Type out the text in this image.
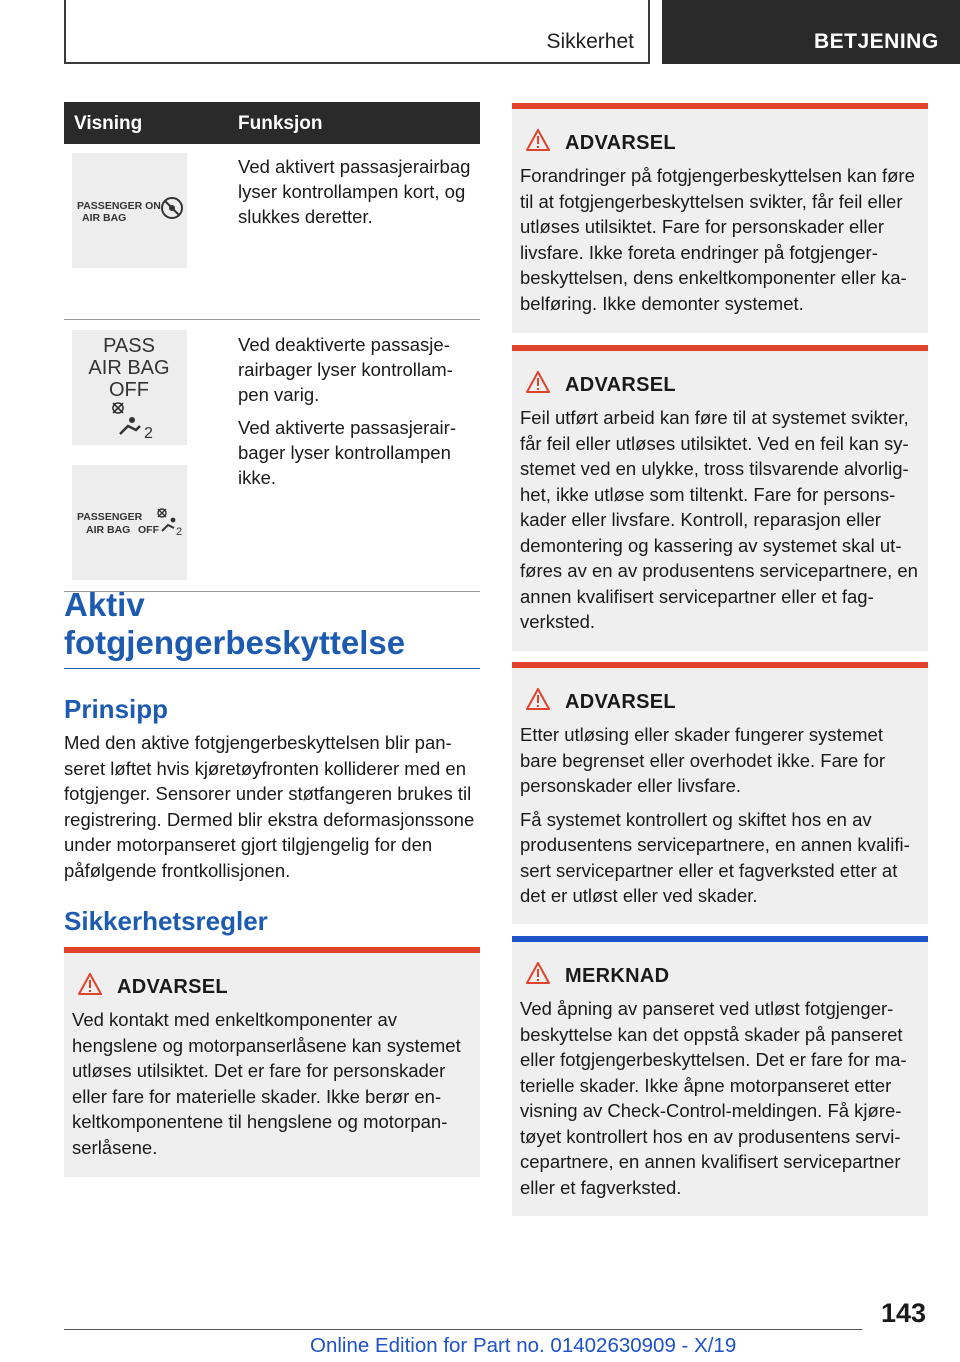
Sikkerhet	BETJENING
Visning	Funksjon
PASSENGER ON
AIR BAG

Ved aktivert passasjerairbag lyser kontrollampen kort, og slukkes deretter.

PASS
AIR BAG
OFF
2
PASSENGER
AIR BAG OFF 2

Ved deaktiverte passasjerairbager lyser kontrollampen varig.

Ved aktiverte passasjerairbager lyser kontrollampen ikke.

Aktiv fotgjengerbeskyttelse
Prinsipp

Med den aktive fotgjengerbeskyttelsen blir panseret løftet hvis kjøretøyfronten kolliderer med en fotgjenger. Sensorer under støtfangeren brukes til registrering. Dermed blir ekstra deformasjonssone under motorpanseret gjort tilgjengelig for den påfølgende frontkollisjonen.

Sikkerhetsregler
ADVARSEL

Ved kontakt med enkeltkomponenter av hengslene og motorpanserlåsene kan systemet utløses utilsiktet. Det er fare for personskader eller fare for materielle skader. Ikke berør enkeltkomponentene til hengslene og motorpanserlåsene.

ADVARSEL

Forandringer på fotgjengerbeskyttelsen kan føre til at fotgjengerbeskyttelsen svikter, får feil eller utløses utilsiktet. Fare for personskader eller livsfare. Ikke foreta endringer på fotgjengerbeskyttelsen, dens enkeltkomponenter eller kabelføring. Ikke demonter systemet.

ADVARSEL

Feil utført arbeid kan føre til at systemet svikter, får feil eller utløses utilsiktet. Ved en feil kan systemet ved en ulykke, tross tilsvarende alvorlighet, ikke utløse som tiltenkt. Fare for personskader eller livsfare. Kontroll, reparasjon eller demontering og kassering av systemet skal utføres av en av produsentens servicepartnere, en annen kvalifisert servicepartner eller et fagverksted.

ADVARSEL

Etter utløsing eller skader fungerer systemet bare begrenset eller overhodet ikke. Fare for personskader eller livsfare.

Få systemet kontrollert og skiftet hos en av produsentens servicepartnere, en annen kvalifisert servicepartner eller et fagverksted etter at det er utløst eller ved skader.

MERKNAD

Ved åpning av panseret ved utløst fotgjengerbeskyttelse kan det oppstå skader på panseret eller fotgjengerbeskyttelsen. Det er fare for materielle skader. Ikke åpne motorpanseret etter visning av Check-Control-meldingen. Få kjøretøyet kontrollert hos en av produsentens servicepartnere, en annen kvalifisert servicepartner eller et fagverksted.

143
Online Edition for Part no. 01402630909 - X/19
